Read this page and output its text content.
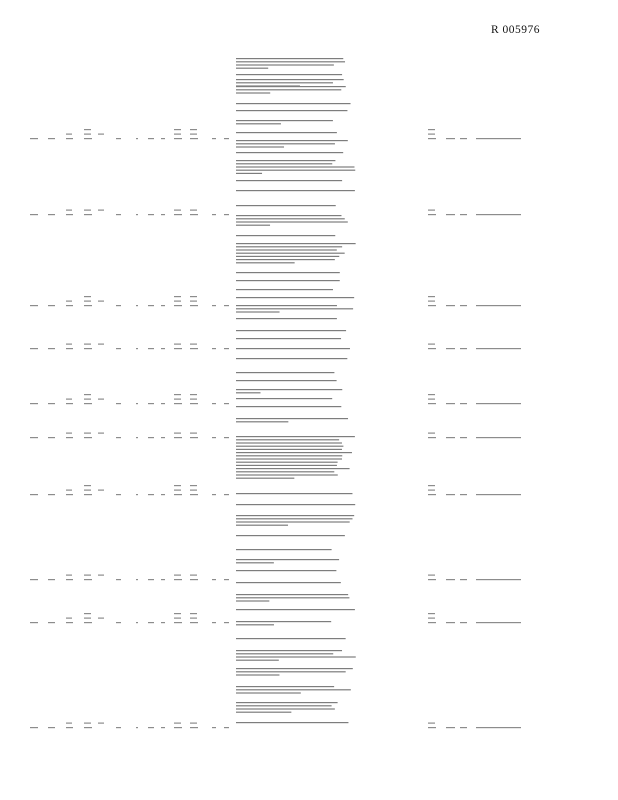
R 005976
